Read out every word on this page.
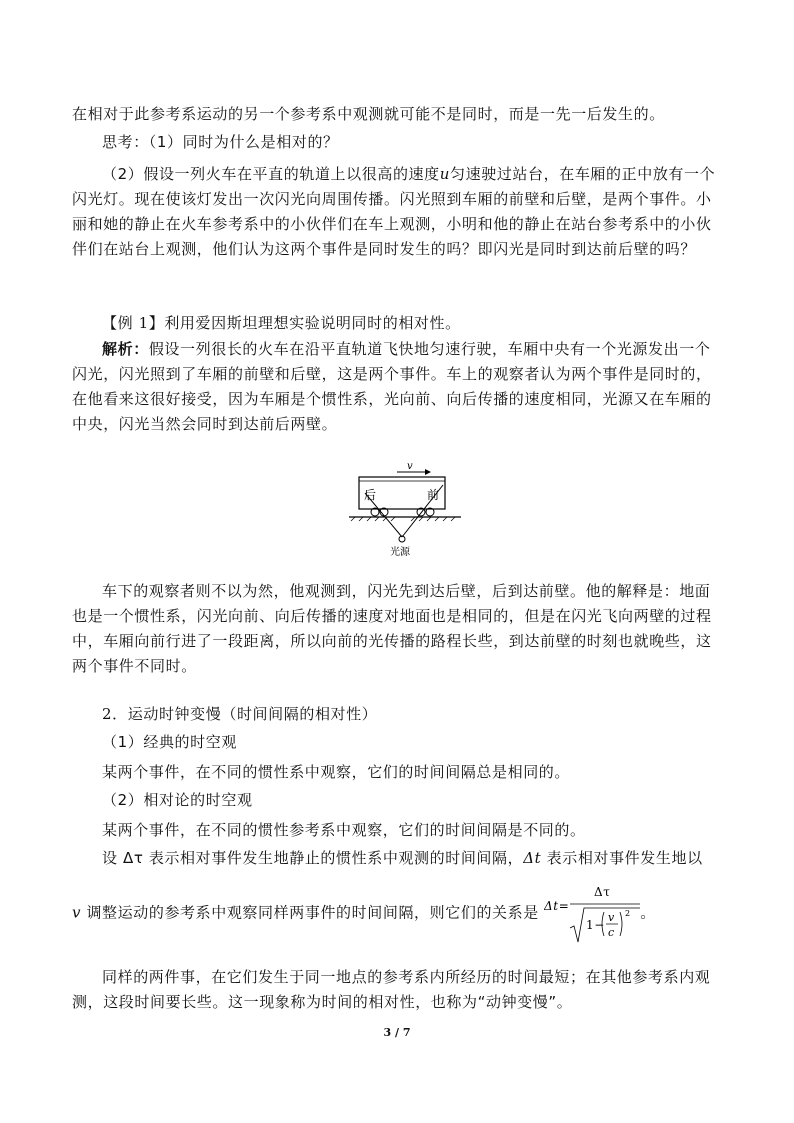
在相对于此参考系运动的另一个参考系中观测就可能不是同时，而是一先一后发生的。
思考：（1）同时为什么是相对的？
（2）假设一列火车在平直的轨道上以很高的速度u匀速驶过站台，在车厢的正中放有一个闪光灯。现在使该灯发出一次闪光向周围传播。闪光照到车厢的前壁和后壁，是两个事件。小丽和她的静止在火车参考系中的小伙伴们在车上观测，小明和他的静止在站台参考系中的小伙伴们在站台上观测，他们认为这两个事件是同时发生的吗？即闪光是同时到达前后壁的吗？
【例 1】利用爱因斯坦理想实验说明同时的相对性。
解析：假设一列很长的火车在沿平直轨道飞快地匀速行驶，车厢中央有一个光源发出一个闪光，闪光照到了车厢的前壁和后壁，这是两个事件。车上的观察者认为两个事件是同时的，在他看来这很好接受，因为车厢是个惯性系，光向前、向后传播的速度相同，光源又在车厢的中央，闪光当然会同时到达前后两壁。
v
后	前
光源
车下的观察者则不以为然，他观测到，闪光先到达后壁，后到达前壁。他的解释是：地面也是一个惯性系，闪光向前、向后传播的速度对地面也是相同的，但是在闪光飞向两壁的过程中，车厢向前行进了一段距离，所以向前的光传播的路程长些，到达前壁的时刻也就晚些，这两个事件不同时。
2．运动时钟变慢（时间间隔的相对性）
（1）经典的时空观
某两个事件，在不同的惯性系中观察，它们的时间间隔总是相同的。
（2）相对论的时空观
某两个事件，在不同的惯性参考系中观察，它们的时间间隔是不同的。
设 Δτ 表示相对事件发生地静止的惯性系中观测的时间间隔，Δt 表示相对事件发生地以
v 调整运动的参考系中观察同样两事件的时间间隔，则它们的关系是 Δt=
Δτ
1−
v
c
2 。
同样的两件事，在它们发生于同一地点的参考系内所经历的时间最短；在其他参考系内观测，这段时间要长些。这一现象称为时间的相对性，也称为“动钟变慢”。
3 / 7
